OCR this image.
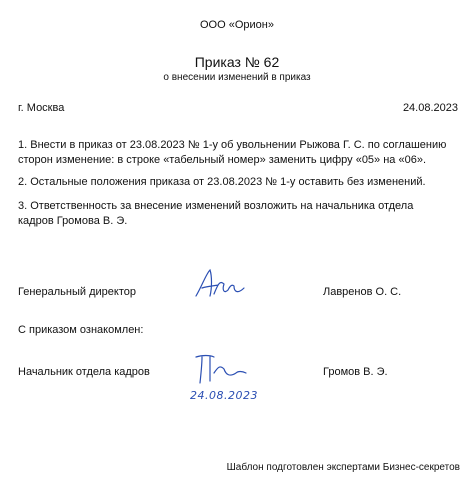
ООО «Орион»
Приказ № 62
о внесении изменений в приказ
г. Москва	24.08.2023
1. Внести в приказ от 23.08.2023 № 1-у об увольнении Рыжова Г. С. по соглашению сторон изменение: в строке «табельный номер» заменить цифру «05» на «06».
2. Остальные положения приказа от 23.08.2023 № 1-у оставить без изменений.
3. Ответственность за внесение изменений возложить на начальника отдела кадров Громова В. Э.
Генеральный директор	Лавренов О. С.
С приказом ознакомлен:
Начальник отдела кадров
24.08.2023
Громов В. Э.
Шаблон подготовлен экспертами Бизнес-секретов
